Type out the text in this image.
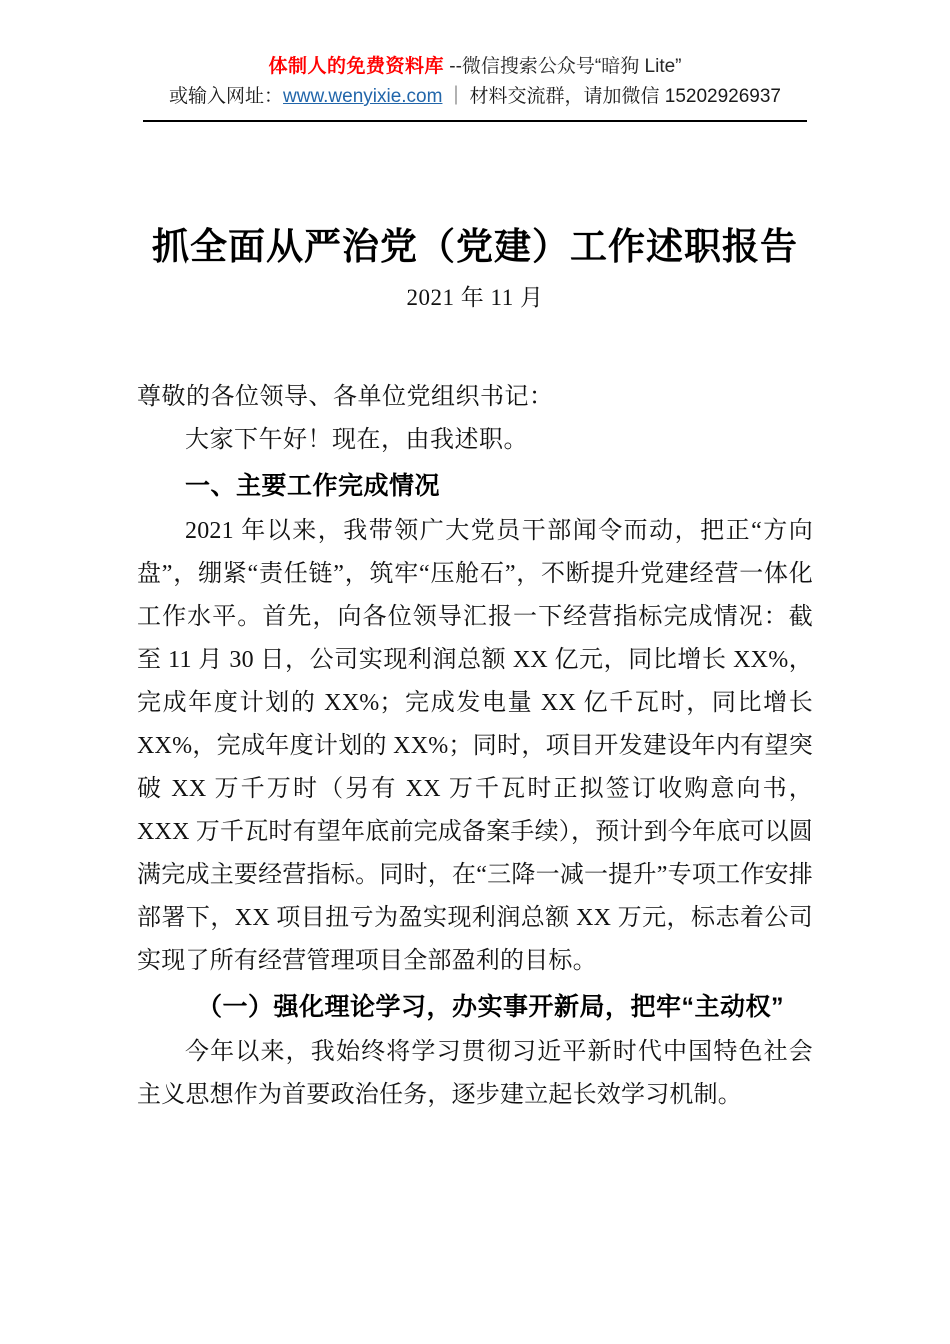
体制人的免费资料库 --微信搜索公众号“暗狗 Lite”
或输入网址：www.wenyixie.com ｜ 材料交流群，请加微信 15202926937
抓全面从严治党（党建）工作述职报告
2021 年 11 月
尊敬的各位领导、各单位党组织书记：
大家下午好！现在，由我述职。
一、主要工作完成情况
2021 年以来，我带领广大党员干部闻令而动，把正“方向盘”，绷紧“责任链”，筑牢“压舱石”，不断提升党建经营一体化工作水平。首先，向各位领导汇报一下经营指标完成情况：截至 11 月 30 日，公司实现利润总额 XX 亿元，同比增长 XX%，完成年度计划的 XX%；完成发电量 XX 亿千瓦时，同比增长 XX%，完成年度计划的 XX%；同时，项目开发建设年内有望突破 XX 万千万时（另有 XX 万千瓦时正拟签订收购意向书，XXX 万千瓦时有望年底前完成备案手续），预计到今年底可以圆满完成主要经营指标。同时，在“三降一减一提升”专项工作安排部署下，XX 项目扭亏为盈实现利润总额 XX 万元，标志着公司实现了所有经营管理项目全部盈利的目标。
（一）强化理论学习，办实事开新局，把牢“主动权”
今年以来，我始终将学习贯彻习近平新时代中国特色社会主义思想作为首要政治任务，逐步建立起长效学习机制。
